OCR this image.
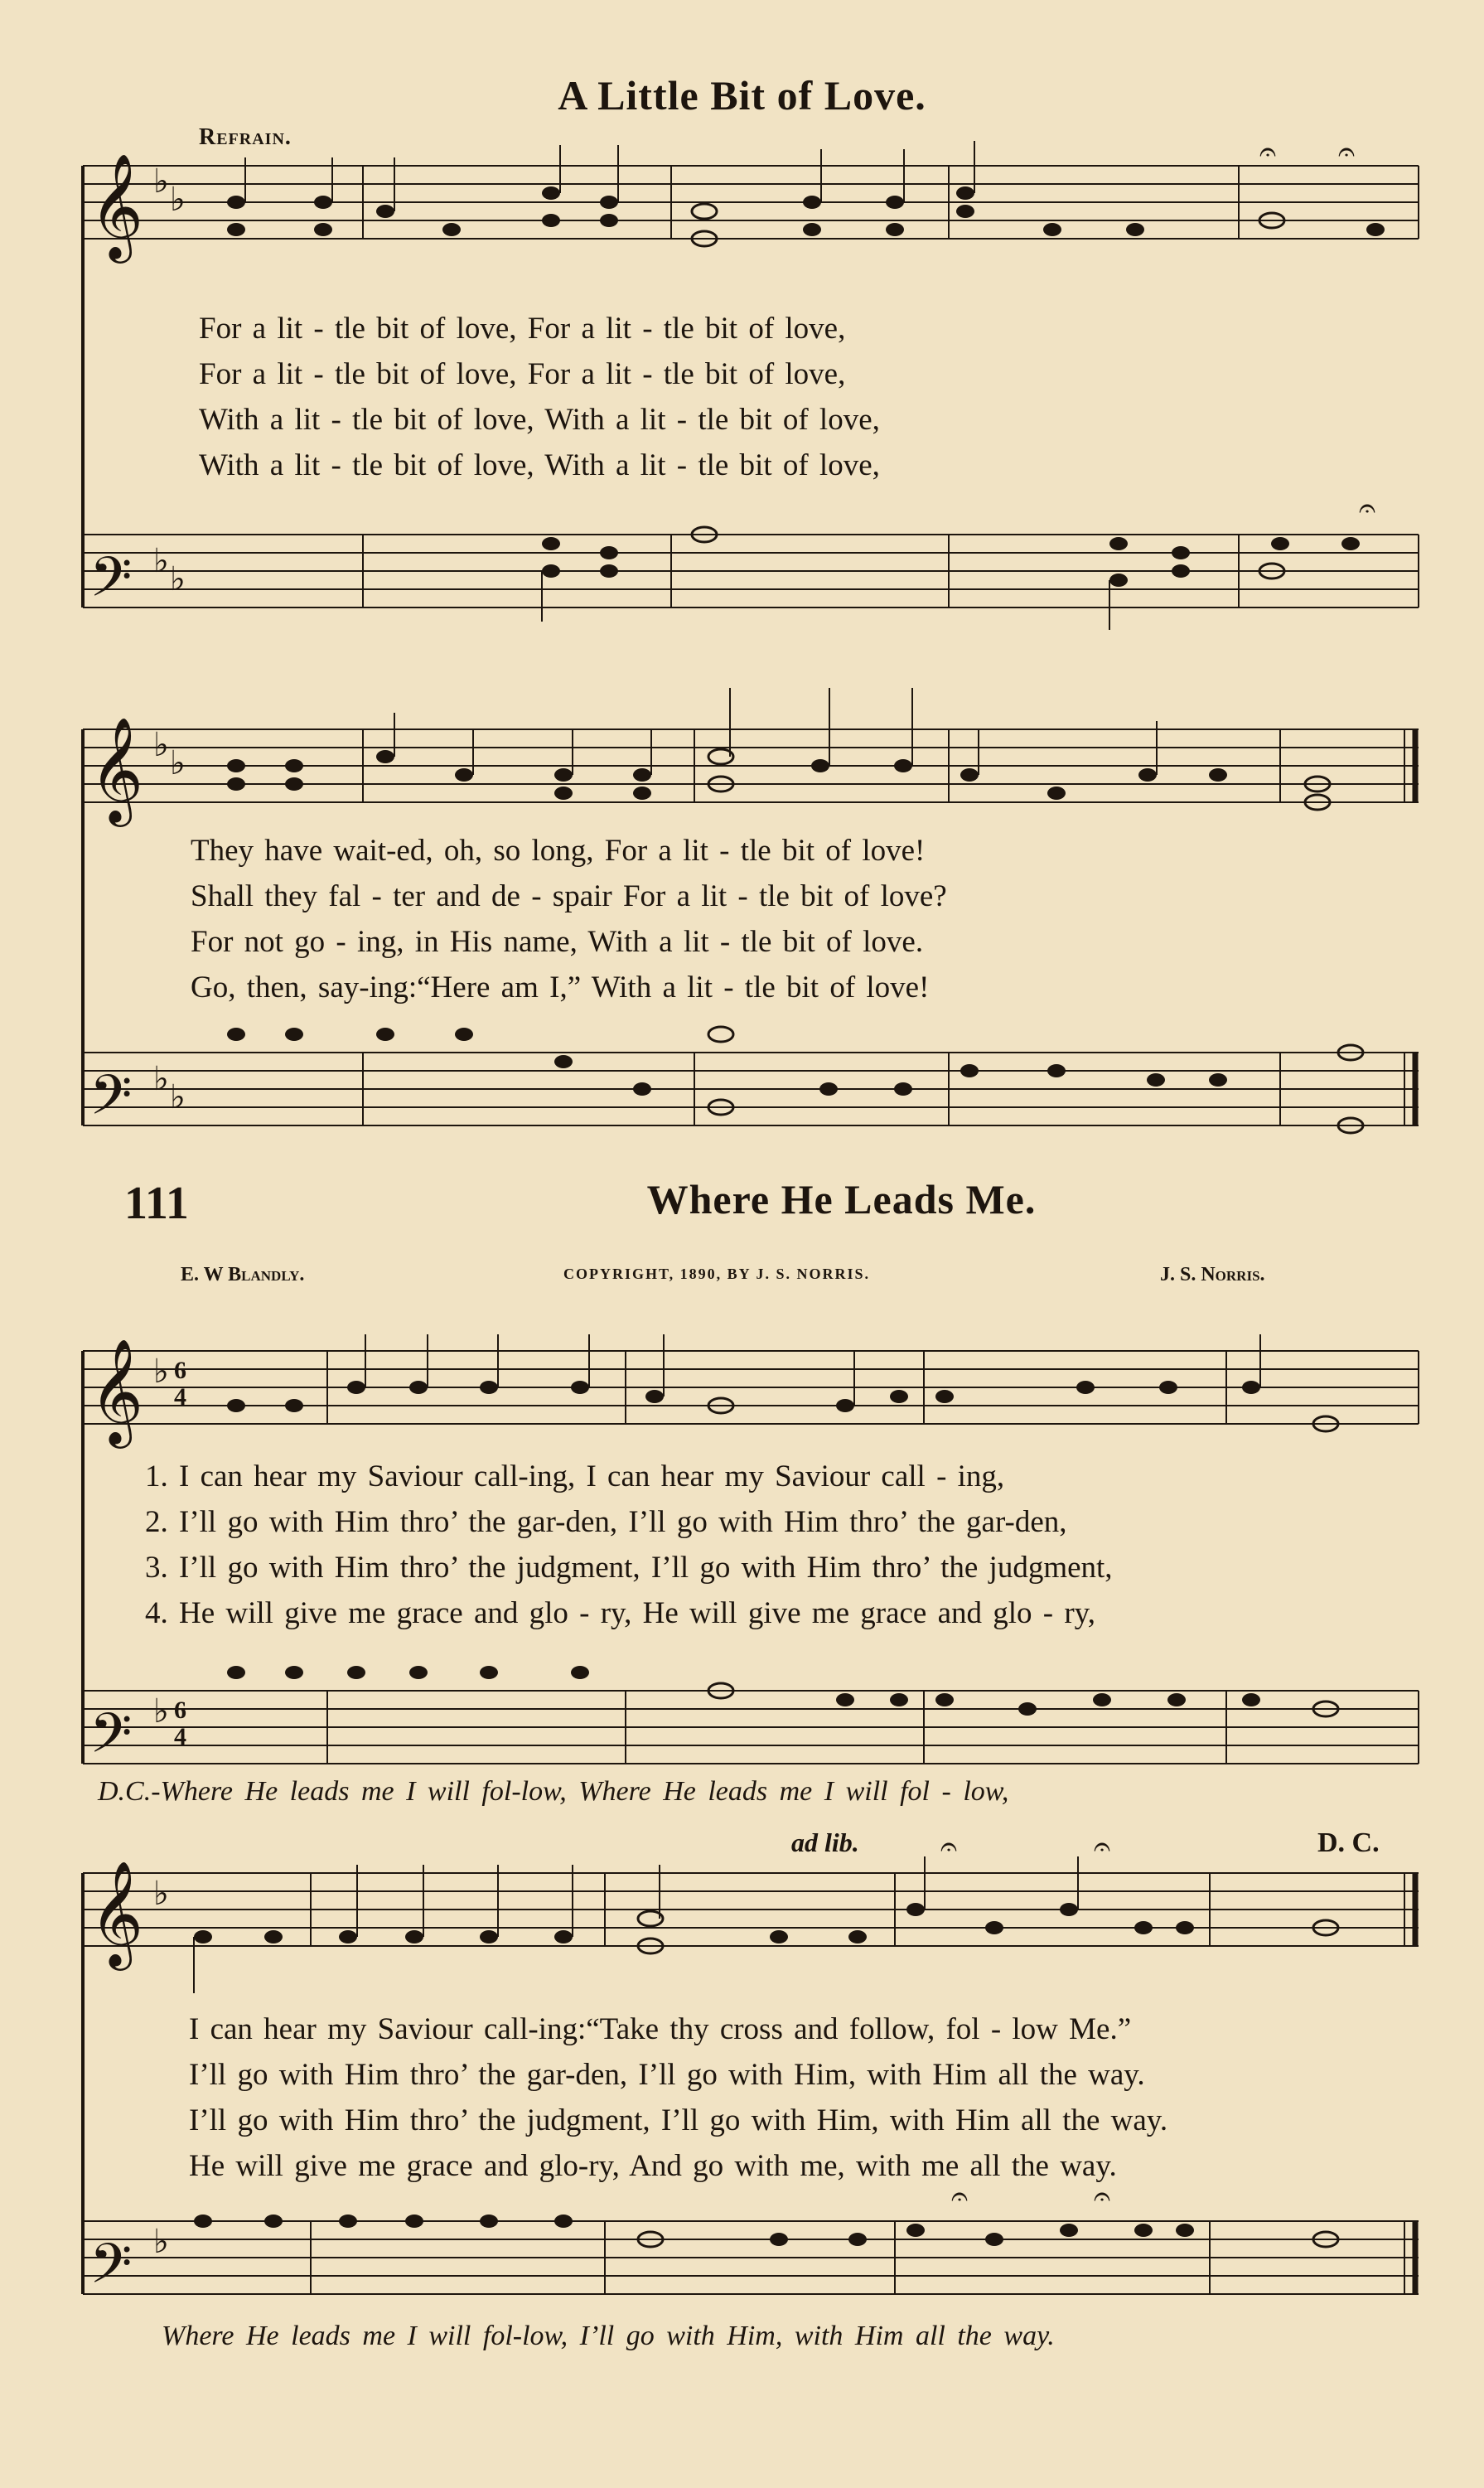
A Little Bit of Love.
Refrain.
𝄞
𝄢
♭ ♭
♭ ♭
𝄐 𝄐
𝄐
For a lit - tle bit of love, For a lit - tle bit of love,
For a lit - tle bit of love, For a lit - tle bit of love,
With a lit - tle bit of love, With a lit - tle bit of love,
With a lit - tle bit of love, With a lit - tle bit of love,
𝄞
𝄢
♭ ♭
♭ ♭
They have wait-ed, oh, so long, For a lit - tle bit of love!
Shall they fal - ter and de - spair For a lit - tle bit of love?
For not go - ing, in His name, With a lit - tle bit of love.
Go, then, say-ing:“Here am I,” With a lit - tle bit of love!
111	Where He Leads Me.
E. W Blandly.	COPYRIGHT, 1890, BY J. S. NORRIS.	J. S. Norris.
𝄞
𝄢
♭
♭
6
4
6
4
1. I can hear my Saviour call-ing, I can hear my Saviour call - ing,
2. I’ll go with Him thro’ the gar-den, I’ll go with Him thro’ the gar-den,
3. I’ll go with Him thro’ the judgment, I’ll go with Him thro’ the judgment,
4. He will give me grace and glo - ry, He will give me grace and glo - ry,
D.C.-Where He leads me I will fol-low, Where He leads me I will fol - low,
𝄞
𝄢
♭
♭
𝄐	𝄐
𝄐	𝄐
ad lib.	D. C.
I can hear my Saviour call-ing:“Take thy cross and follow, fol - low Me.”
I’ll go with Him thro’ the gar-den, I’ll go with Him, with Him all the way.
I’ll go with Him thro’ the judgment, I’ll go with Him, with Him all the way.
He will give me grace and glo-ry, And go with me, with me all the way.
Where He leads me I will fol-low, I’ll go with Him, with Him all the way.
